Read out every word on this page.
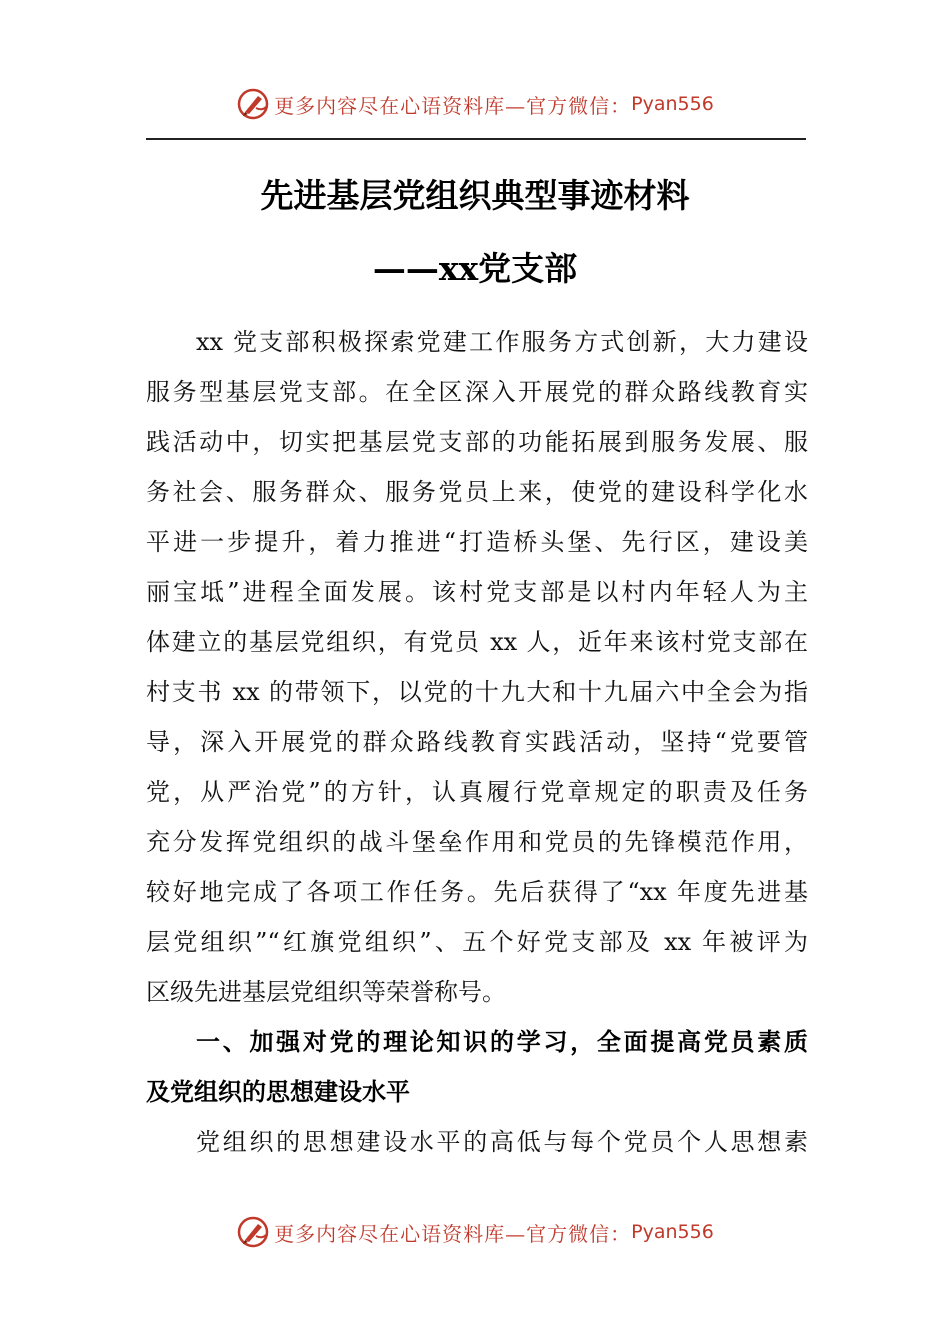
更多内容尽在心语资料库—官方微信： Pyan556
先进基层党组织典型事迹材料
——xx党支部
xx 党支部积极探索党建工作服务方式创新，大力建设
服务型基层党支部。在全区深入开展党的群众路线教育实
践活动中，切实把基层党支部的功能拓展到服务发展、服
务社会、服务群众、服务党员上来，使党的建设科学化水
平进一步提升，着力推进“打造桥头堡、先行区，建设美
丽宝坻”进程全面发展。该村党支部是以村内年轻人为主
体建立的基层党组织，有党员 xx 人，近年来该村党支部在
村支书 xx 的带领下，以党的十九大和十九届六中全会为指
导，深入开展党的群众路线教育实践活动，坚持“党要管
党，从严治党”的方针，认真履行党章规定的职责及任务
充分发挥党组织的战斗堡垒作用和党员的先锋模范作用，
较好地完成了各项工作任务。先后获得了“xx 年度先进基
层党组织”“红旗党组织”、五个好党支部及 xx 年被评为
区级先进基层党组织等荣誉称号。
一、加强对党的理论知识的学习，全面提高党员素质
及党组织的思想建设水平
党组织的思想建设水平的高低与每个党员个人思想素
更多内容尽在心语资料库—官方微信： Pyan556
